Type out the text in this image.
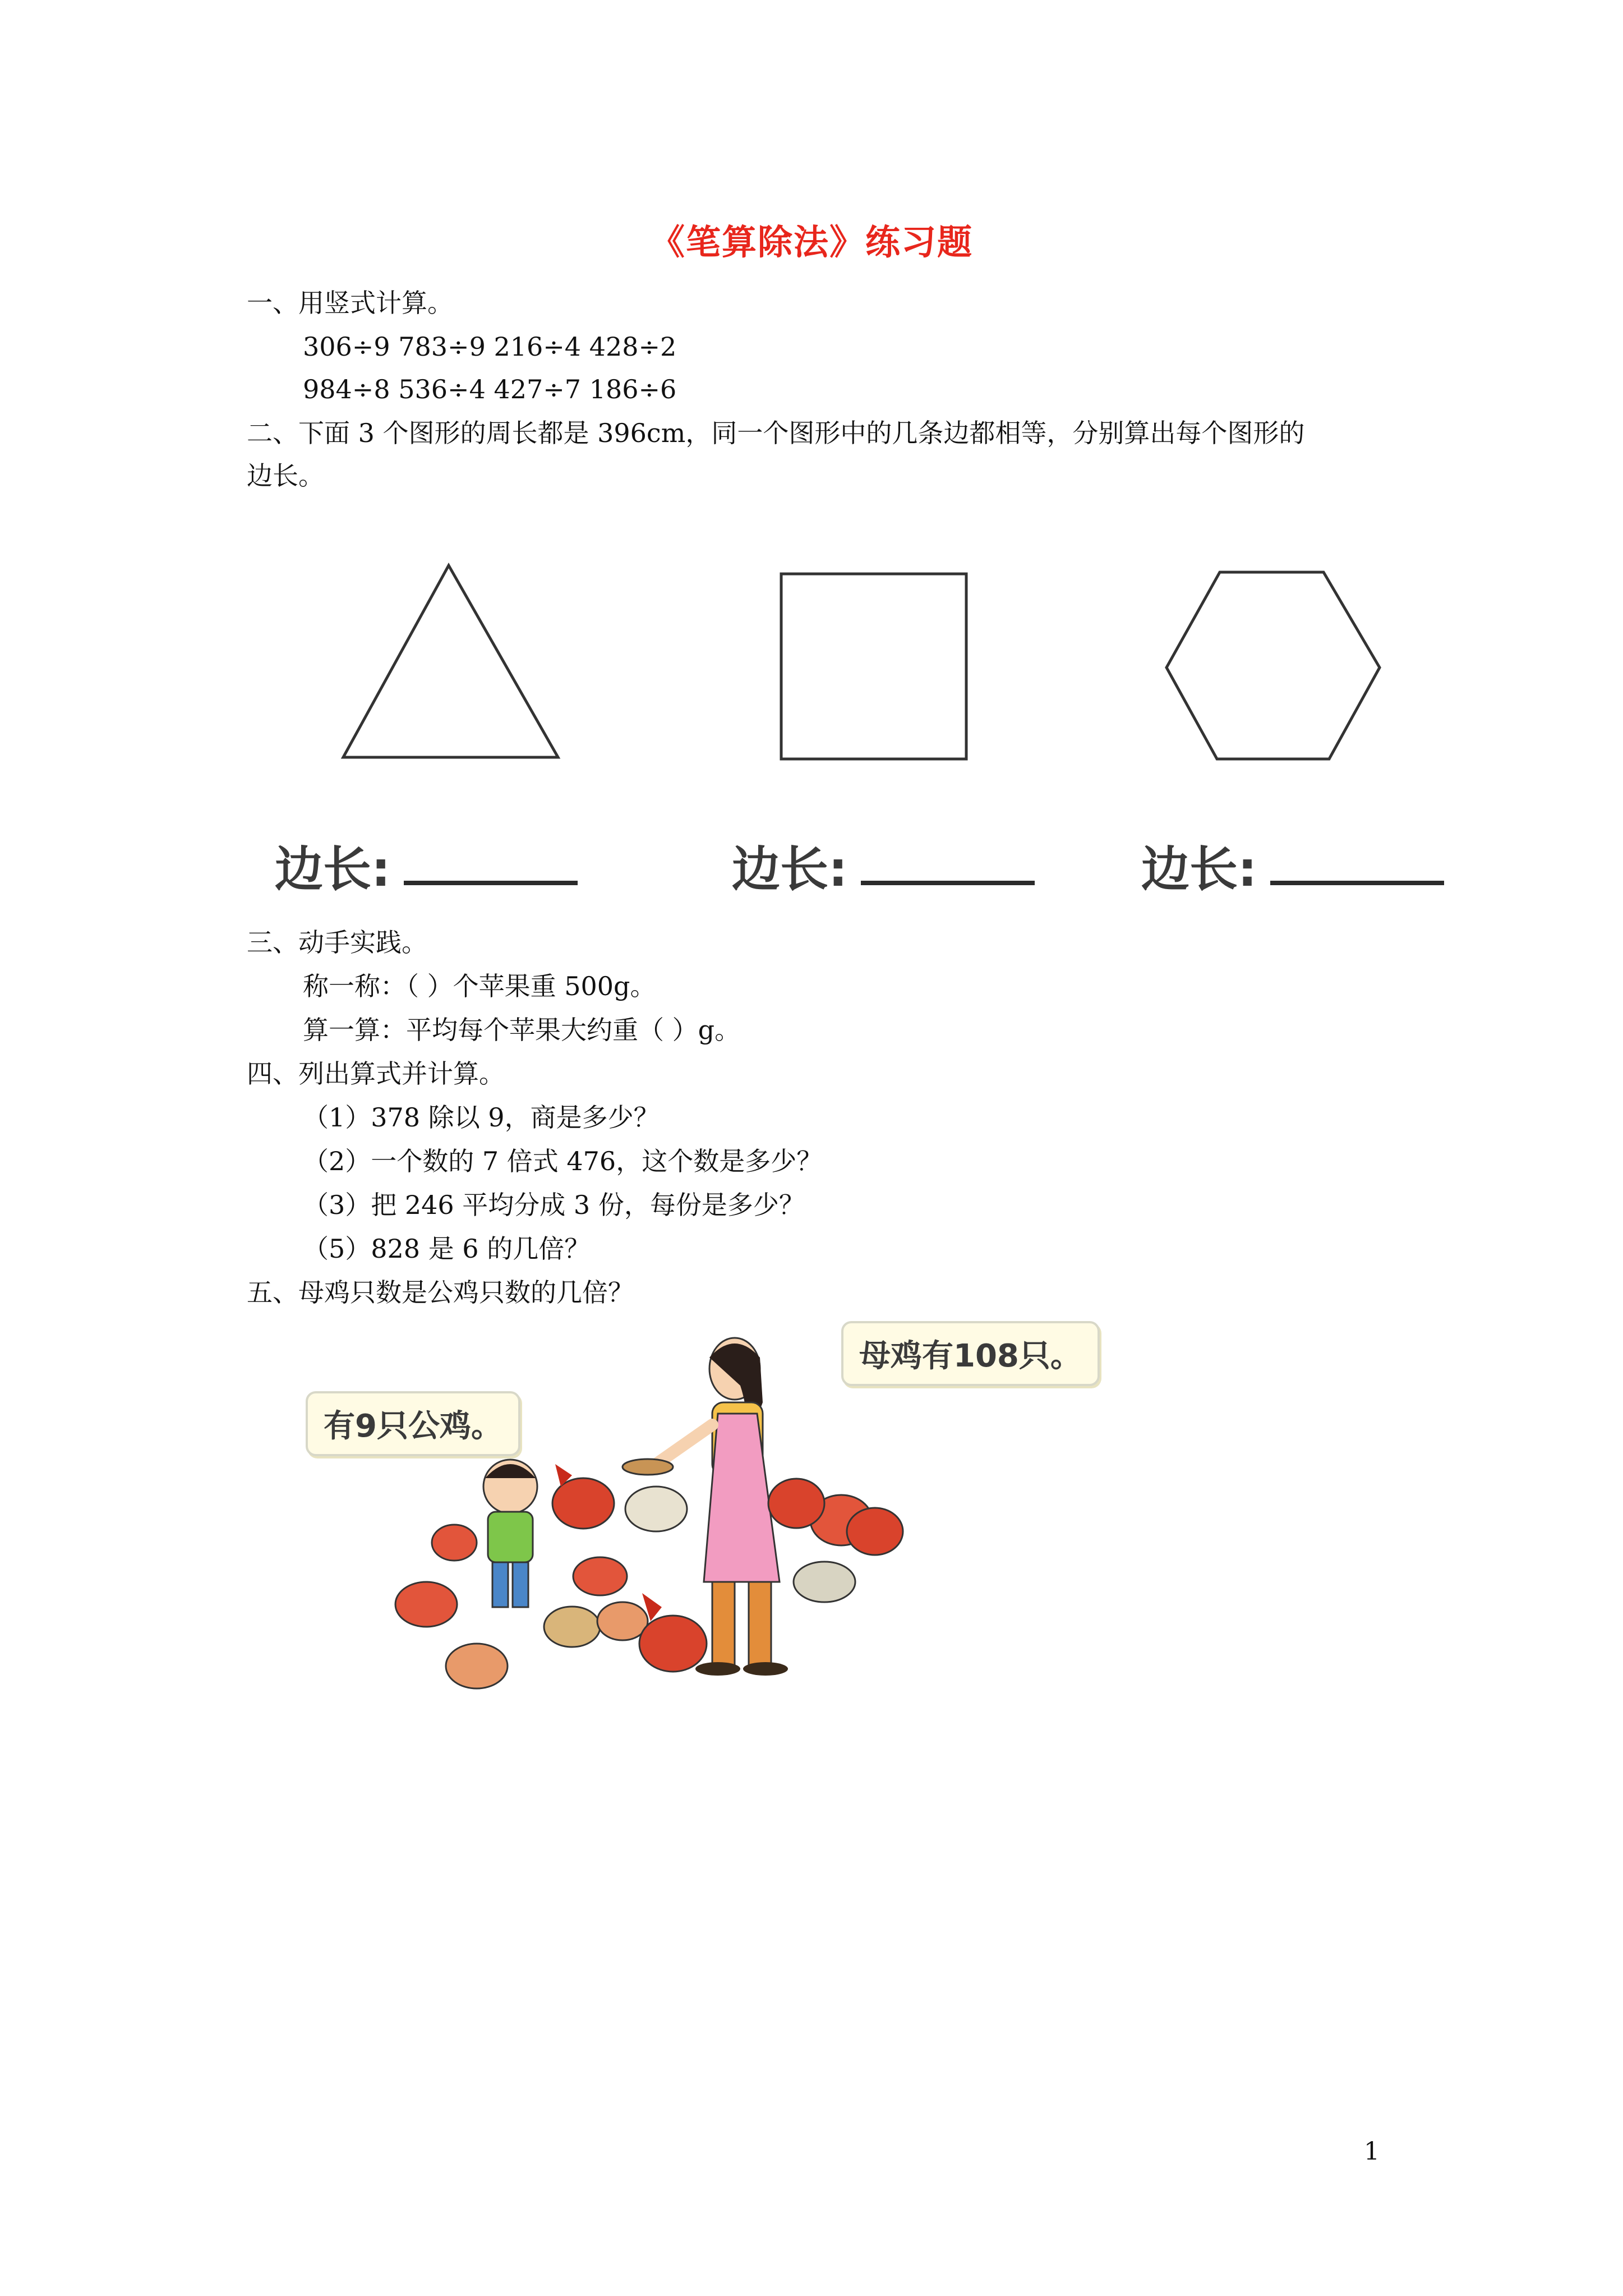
《笔算除法》练习题
一、用竖式计算。
306÷9 783÷9 216÷4 428÷2
984÷8 536÷4 427÷7 186÷6
二、下面 3 个图形的周长都是 396cm，同一个图形中的几条边都相等，分别算出每个图形的
边长。
边长:	边长:	边长:
三、动手实践。
称一称：（ ）个苹果重 500g。
算一算：平均每个苹果大约重（ ）g。
四、列出算式并计算。
（1）378 除以 9，商是多少？
（2）一个数的 7 倍式 476，这个数是多少？
（3）把 246 平均分成 3 份，每份是多少？
（5）828 是 6 的几倍？
五、母鸡只数是公鸡只数的几倍？
有9只公鸡。
母鸡有108只。
1
